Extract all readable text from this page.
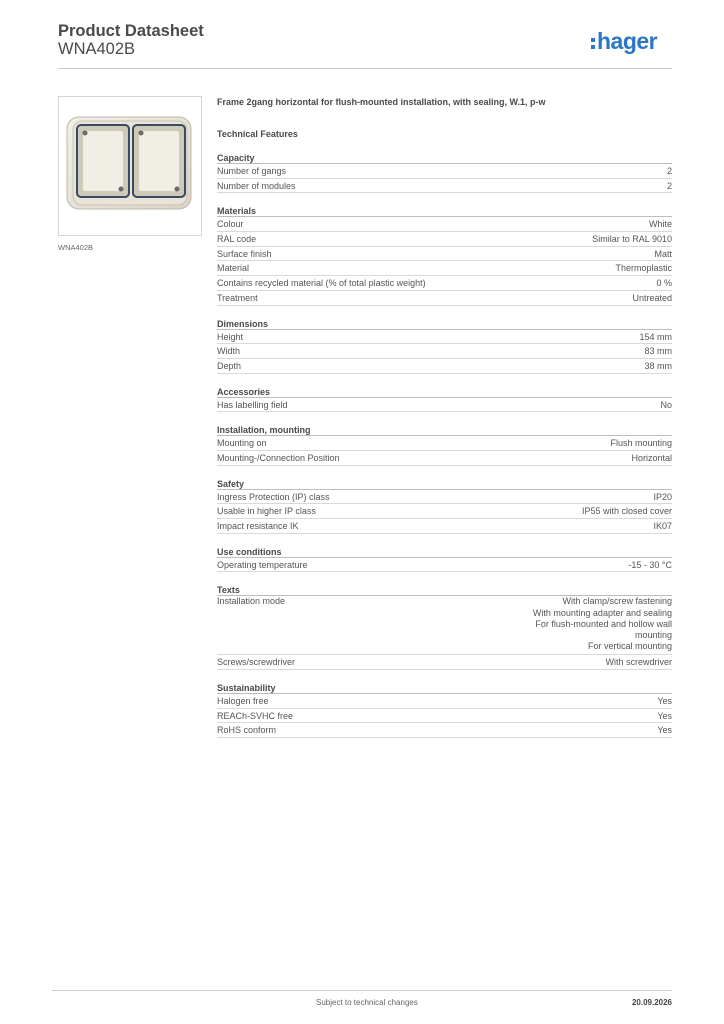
Product Datasheet
WNA402B	hager
WNA402B
Frame 2gang horizontal for flush-mounted installation, with sealing, W.1, p-w
Technical Features
Capacity
Number of gangs	2
Number of modules	2
Materials
Colour	White
RAL code	Similar to RAL 9010
Surface finish	Matt
Material	Thermoplastic
Contains recycled material (% of total plastic weight)	0 %
Treatment	Untreated
Dimensions
Height	154 mm
Width	83 mm
Depth	38 mm
Accessories
Has labelling field	No
Installation, mounting
Mounting on	Flush mounting
Mounting-/Connection Position	Horizontal
Safety
Ingress Protection (IP) class	IP20
Usable in higher IP class	IP55 with closed cover
Impact resistance IK	IK07
Use conditions
Operating temperature	-15 - 30 °C
Texts
Installation mode	With clamp/screw fastening
With mounting adapter and sealing
For flush-mounted and hollow wall mounting
For vertical mounting
Screws/screwdriver	With screwdriver
Sustainability
Halogen free	Yes
REACh-SVHC free	Yes
RoHS conform	Yes
Subject to technical changes	20.09.2026
